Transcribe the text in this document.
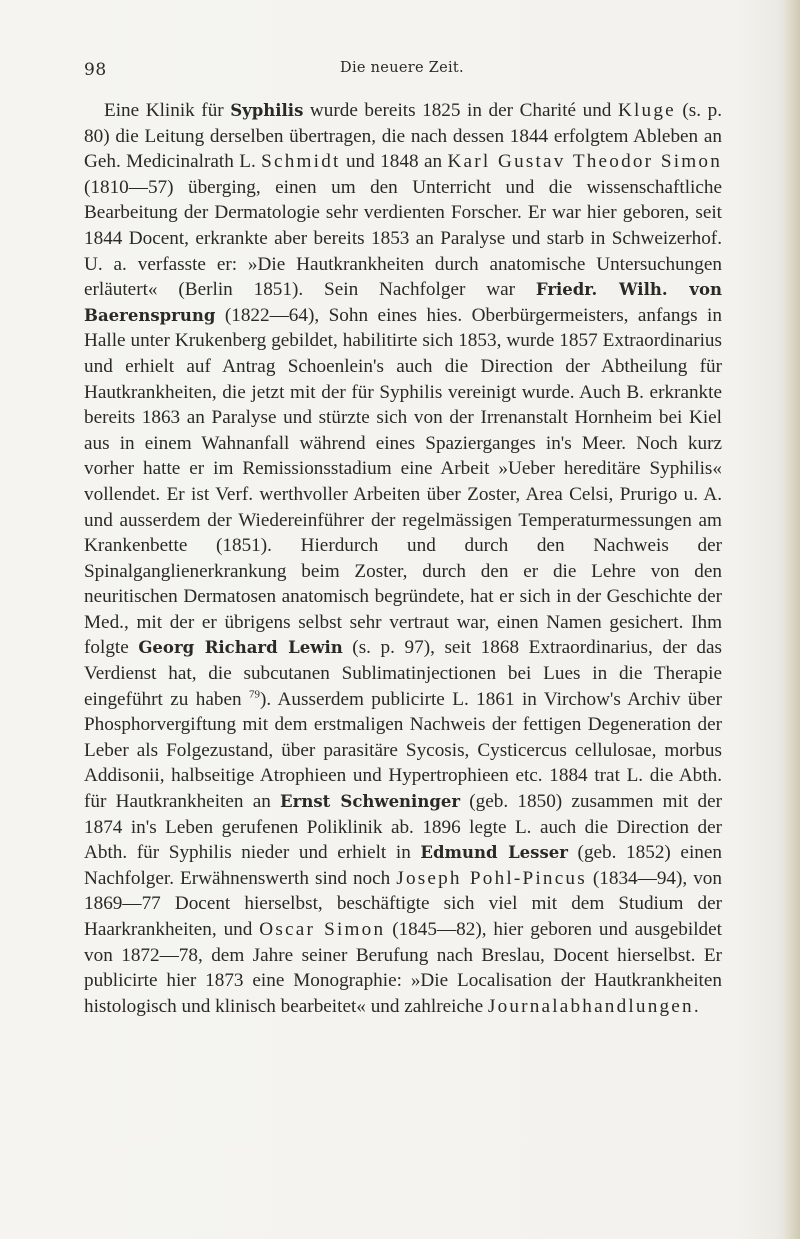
98	Die neuere Zeit.

Eine Klinik für Syphilis wurde bereits 1825 in der Charité und Kluge (s. p. 80) die Leitung derselben übertragen, die nach dessen 1844 erfolgtem Ableben an Geh. Medicinalrath L. Schmidt und 1848 an Karl Gustav Theodor Simon (1810—57) überging, einen um den Unterricht und die wissenschaftliche Bearbeitung der Dermatologie sehr verdienten Forscher. Er war hier geboren, seit 1844 Docent, erkrankte aber bereits 1853 an Paralyse und starb in Schweizerhof. U. a. verfasste er: »Die Hautkrankheiten durch anatomische Untersuchungen erläutert« (Berlin 1851). Sein Nachfolger war Friedr. Wilh. von Baerensprung (1822—64), Sohn eines hies. Oberbürgermeisters, anfangs in Halle unter Krukenberg gebildet, habilitirte sich 1853, wurde 1857 Extraordinarius und erhielt auf Antrag Schoenlein's auch die Direction der Abtheilung für Hautkrankheiten, die jetzt mit der für Syphilis vereinigt wurde. Auch B. erkrankte bereits 1863 an Paralyse und stürzte sich von der Irrenanstalt Hornheim bei Kiel aus in einem Wahnanfall während eines Spazierganges in's Meer. Noch kurz vorher hatte er im Remissionsstadium eine Arbeit »Ueber hereditäre Syphilis« vollendet. Er ist Verf. werthvoller Arbeiten über Zoster, Area Celsi, Prurigo u. A. und ausserdem der Wiedereinführer der regelmässigen Temperaturmessungen am Krankenbette (1851). Hierdurch und durch den Nachweis der Spinalganglienerkrankung beim Zoster, durch den er die Lehre von den neuritischen Dermatosen anatomisch begründete, hat er sich in der Geschichte der Med., mit der er übrigens selbst sehr vertraut war, einen Namen gesichert. Ihm folgte Georg Richard Lewin (s. p. 97), seit 1868 Extraordinarius, der das Verdienst hat, die subcutanen Sublimatinjectionen bei Lues in die Therapie eingeführt zu haben $^{79}$). Ausserdem publicirte L. 1861 in Virchow's Archiv über Phosphorvergiftung mit dem erstmaligen Nachweis der fettigen Degeneration der Leber als Folgezustand, über parasitäre Sycosis, Cysticercus cellulosae, morbus Addisonii, halbseitige Atrophieen und Hypertrophieen etc. 1884 trat L. die Abth. für Hautkrankheiten an Ernst Schweninger (geb. 1850) zusammen mit der 1874 in's Leben gerufenen Poliklinik ab. 1896 legte L. auch die Direction der Abth. für Syphilis nieder und erhielt in Edmund Lesser (geb. 1852) einen Nachfolger. Erwähnenswerth sind noch Joseph Pohl-Pincus (1834—94), von 1869—77 Docent hierselbst, beschäftigte sich viel mit dem Studium der Haarkrankheiten, und Oscar Simon (1845—82), hier geboren und ausgebildet von 1872—78, dem Jahre seiner Berufung nach Breslau, Docent hierselbst. Er publicirte hier 1873 eine Monographie: »Die Localisation der Hautkrankheiten histologisch und klinisch bearbeitet« und zahlreiche Journalabhandlungen.
